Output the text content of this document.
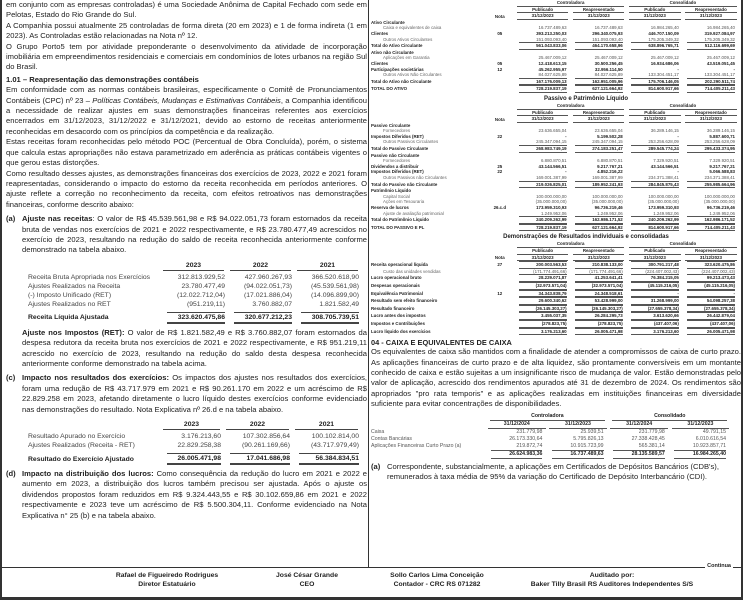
em conjunto com as empresas controladas) é uma Sociedade Anônima de Capital Fechado com sede em Pelotas, Estado do Rio Grande do Sul.

A Companhia possui atualmente 25 controladas de forma direta (20 em 2023) e 1 de forma indireta (1 em 2023). As Controladas estão relacionadas na Nota nº 12.

O Grupo Porto5 tem por atividade preponderante o desenvolvimento da atividade de incorporação imobiliária em empreendimentos residenciais e comerciais em condomínios de lotes urbanos na região Sul do Brasil.

1.01 – Reapresentação das demonstrações contábeis

Em conformidade com as normas contábeis brasileiras, especificamente o Comitê de Pronunciamentos Contábeis (CPC) nº 23 – Políticas Contábeis, Mudanças e Estimativas Contábeis, a Companhia identificou a necessidade de realizar ajustes em suas demonstrações financeiras referentes aos exercícios encerrados em 31/12/2023, 31/12/2022 e 31/12/2021, devido ao estorno de receitas anteriormente reconhecidas em desacordo com os princípios da competência e da realização.

Estas receitas foram reconhecidas pelo método POC (Percentual de Obra Concluída), porém, o sistema que calcula estas apropriações não estava parametrizado em aderência as práticas contábeis vigentes o que gerou estas distorções.

Como resultado desses ajustes, as demonstrações financeiras dos exercícios de 2023, 2022 e 2021 foram reapresentadas, considerando o impacto do estorno da receita reconhecida em períodos anteriores. O ajuste reflete a correção no reconhecimento da receita, com efeitos retroativos nas demonstrações financeiras, conforme descrito abaixo:

(a) Ajuste nas receitas: O valor de R$ 45.539.561,98 e R$ 94.022.051,73 foram estornados da receita bruta de vendas nos exercícios de 2021 e 2022 respectivamente, e R$ 23.780.477,49 acrescidos no exercício de 2023, resultando na redução do saldo de receita reconhecida anteriormente conforme demonstrado na tabela abaixo.
	2023	2022	2021
Receita Bruta Apropriada nos Exercícios	312.813.929,52	427.960.267,93	366.520.618,90
Ajustes Realizados na Receita	23.780.477,49	(94.022.051,73)	(45.539.561,98)
(-) Imposto Unificado (RET)	(12.022.712,04)	(17.021.886,04)	(14.096.899,90)
Ajustes Realizados no RET	(951.219,11)	3.760.882,07	1.821.582,49
Receita Líquida Ajustada	323.620.475,86	320.677.212,23	308.705.739,51
Ajuste nos Impostos (RET): O valor de R$ 1.821.582,49 e R$ 3.760.882,07 foram estornados da despesa redutora da receita bruta nos exercícios de 2021 e 2022 respectivamente, e R$ 951.219,11 acrescido no exercício de 2023, resultando na redução do saldo desta despesa reconhecida anteriormente conforme demonstrado na tabela acima.
(c) Impacto nos resultados dos exercícios: Os impactos dos ajustes nos resultados dos exercícios, foram uma redução de R$ 43.717.979 em 2021 e R$ 90.261.170 em 2022 e um acréscimo de R$ 22.829.258 em 2023, afetando diretamente o lucro líquido destes exercícios conforme evidenciado nas demonstrações do resultado. Nota Explicativa nº 26.d e na tabela abaixo.
	2023	2022	2021
Resultado Apurado no Exercício	3.176.213,60	107.302.856,64	100.102.814,00
Ajustes Realizados (Receita - RET)	22.829.258,38	(90.261.169,66)	(43.717.979,49)
Resultado do Exercício Ajustado	26.005.471,98	17.041.686,98	56.384.834,51
(d) Impacto na distribuição dos lucros: Como consequência da redução do lucro em 2021 e 2022 e aumento em 2023, a distribuição dos lucros também precisou ser ajustada. Após o ajuste os dividendos propostos foram reduzidos em R$ 9.324.443,55 e R$ 30.102.659,86 em 2021 e 2022 respectivamente e 2023 teve um acréscimo de R$ 5.500.304,11. Conforme evidenciado na Nota Explicativa n° 25 (b) e na tabela abaixo.
		Controladora		Consolidado	
		Publicado	Reapresentado	Publicado	Reapresentado
	Nota	31/12/2023	31/12/2023	31/12/2023	31/12/2023
Ativo Circulante					
Caixa e equivalentes de caixa		16.737.489,63	16.737.489,63	16.984.265,40	16.984.265,40
Clientes	05	393.213.250,03	296.340.075,93	446.707.150,09	319.927.084,97
Outros Ativos Circulantes		151.093.093,40	151.093.093,40	175.205.349,32	175.205.349,32
Total do Ativo Circulante		561.043.833,06	464.170.658,96	638.896.765,71	512.116.699,69
Ativo não Circulante					
Aplicações em Garantia		25.467.009,12	25.467.009,12	25.467.009,12	25.467.009,12
Clientes	05	12.418.613,15	30.500.256,45	16.934.686,06	43.519.051,45
Participações societárias	12	45.262.955,97	32.956.114,50	-	-
Outros Ativos Não Circulantes		84.027.625,89	84.027.625,89	133.304.451,17	133.304.451,17
Total do Ativo não Circulante		167.176.009,13	162.951.005,96	175.706.146,05	202.290.511,74
TOTAL DO ATIVO		728.219.837,19	627.121.664,92	814.600.917,66	714.405.211,43
Passivo e Patrimônio Líquido
		Controladora		Consolidado	
		Publicado	Reapresentado	Publicado	Reapresentado
	Nota	31/12/2023	31/12/2023	31/12/2023	31/12/2023
Passivo Circulante					
Fornecedores		23.636.655,04	23.636.655,04	36.289.146,15	36.289.146,15
Impostos Diferidos (RET)	22	-	5.199.502,28	-	5.887.600,71
Outros Passivos Circulantes		245.347.094,15	245.347.094,15	253.256.628,09	253.256.628,09
Total do Passivo Circulante		268.983.749,19	274.183.251,47	289.545.774,24	295.433.374,95
Passivo não Circulante					
Fornecedores		6.880.870,51	6.880.870,51	7.329.920,51	7.329.920,51
Dividendos a distribuir	25	43.144.566,51	9.217.767,21	43.144.566,51	9.217.767,21
Impostos Diferidos (RET)	22	-	4.852.216,22	-	5.066.588,83
Outros Passivos não Circulantes		169.001.387,99	169.001.387,99	234.371.388,41	234.371.388,41
Total do Passivo não Circulante		219.026.825,01	189.952.241,93	284.845.875,43	255.985.664,96
Patrimônio Líquido					
Capital Social		100.000.000,00	100.000.000,00	100.000.000,00	100.000.000,00
Ações em Tesouraria		(35.000.000,00)	(35.000.000,00)	(35.000.000,00)	(35.000.000,00)
Reserva de lucros	26.c.d	173.959.310,93	96.736.219,46	173.959.310,93	96.736.219,46
Ajuste de avaliação patrimonial		1.249.952,06	1.249.952,06	1.249.952,06	1.249.952,06
Total do Patrimônio Líquido		240.209.262,99	162.986.171,52	240.209.262,99	162.986.171,52
TOTAL DO PASSIVO E PL		728.219.837,19	627.121.664,92	814.600.917,66	714.405.211,43
Demonstrações de Resultados individuais e consolidadas
		Controladora		Consolidado	
		Publicado	Reapresentado	Publicado	Reapresentado
	Nota	31/12/2023	31/12/2023	31/12/2023	31/12/2023
Receita operacional líquida	27	200.003.563,53	210.838.133,00	300.791.217,48	323.620.475,86
Custo das unidades vendidas		(171.774.491,66)	(171.774.491,66)	(224.407.002,43)	(224.407.002,43)
Lucro operacional bruto		28.229.071,87	41.253.641,41	76.384.215,05	99.213.473,43
Despesas operacionais		(32.973.571,04)	(32.973.571,04)	(45.115.216,05)	(45.115.216,05)
Equivalência Patrimonial	12	34.343.838,79	24.348.518,61	-	-
Resultado sem efeito financeiro		29.600.340,62	53.428.999,00	31.268.999,00	54.098.257,38
Resultado financeiro		(26.145.303,27)	(26.145.303,27)	(27.655.378,34)	(27.655.378,34)
Lucro antes dos impostos		3.455.037,35	26.284.295,73	3.613.620,66	26.442.879,04
Impostos e Contribuições		(278.823,75)	(278.823,75)	(437.407,06)	(437.407,06)
Lucro líquido dos exercícios		3.176.213,60	26.005.471,98	3.176.213,60	26.005.471,98
04 - CAIXA E EQUIVALENTES DE CAIXA

Os equivalentes de caixa são mantidos com a finalidade de atender a compromissos de caixa de curto prazo. As aplicações financeiras de curto prazo e de alta liquidez, são prontamente conversíveis em um montante conhecido de caixa e estão sujeitas a um insignificante risco de mudança de valor. Estão demonstradas pelo valor de aplicação, acrescido dos rendimentos apurados até 31 de dezembro de 2024. Os rendimentos são apropriados "pro rata temporis" e as aplicações realizadas em instituições financeiras em diversidade suficiente para evitar concentrações de disponibilidades.

	Controladora		Consolidado	
	31/12/2024	31/12/2023	31/12/2024	31/12/2023
Caixa	231.779,98	25.939,51	231.779,98	49.791,15
Contas Bancárias	26.173.330,64	5.795.826,13	27.338.428,45	6.010.616,54
Aplicações Financeiras Curto Prazo (a)	219.872,74	10.915.723,99	565.381,14	10.923.857,71
	26.624.983,36	16.737.489,63	28.135.589,57	16.984.265,40
(a) Correspondente, substancialmente, a aplicações em Certificados de Depósitos Bancários (CDB's), remunerados à taxa média de 95% da variação do Certificado de Depósito Interbancário (CDI).
Continua
Rafael de Figueiredo Rodrigues
Diretor Estatuário
José César Grande
CEO
Sollo Carlos Lima Conceição
Contador - CRC RS 071282
Auditado por:
Baker Tilly Brasil RS Auditores Independentes S/S
